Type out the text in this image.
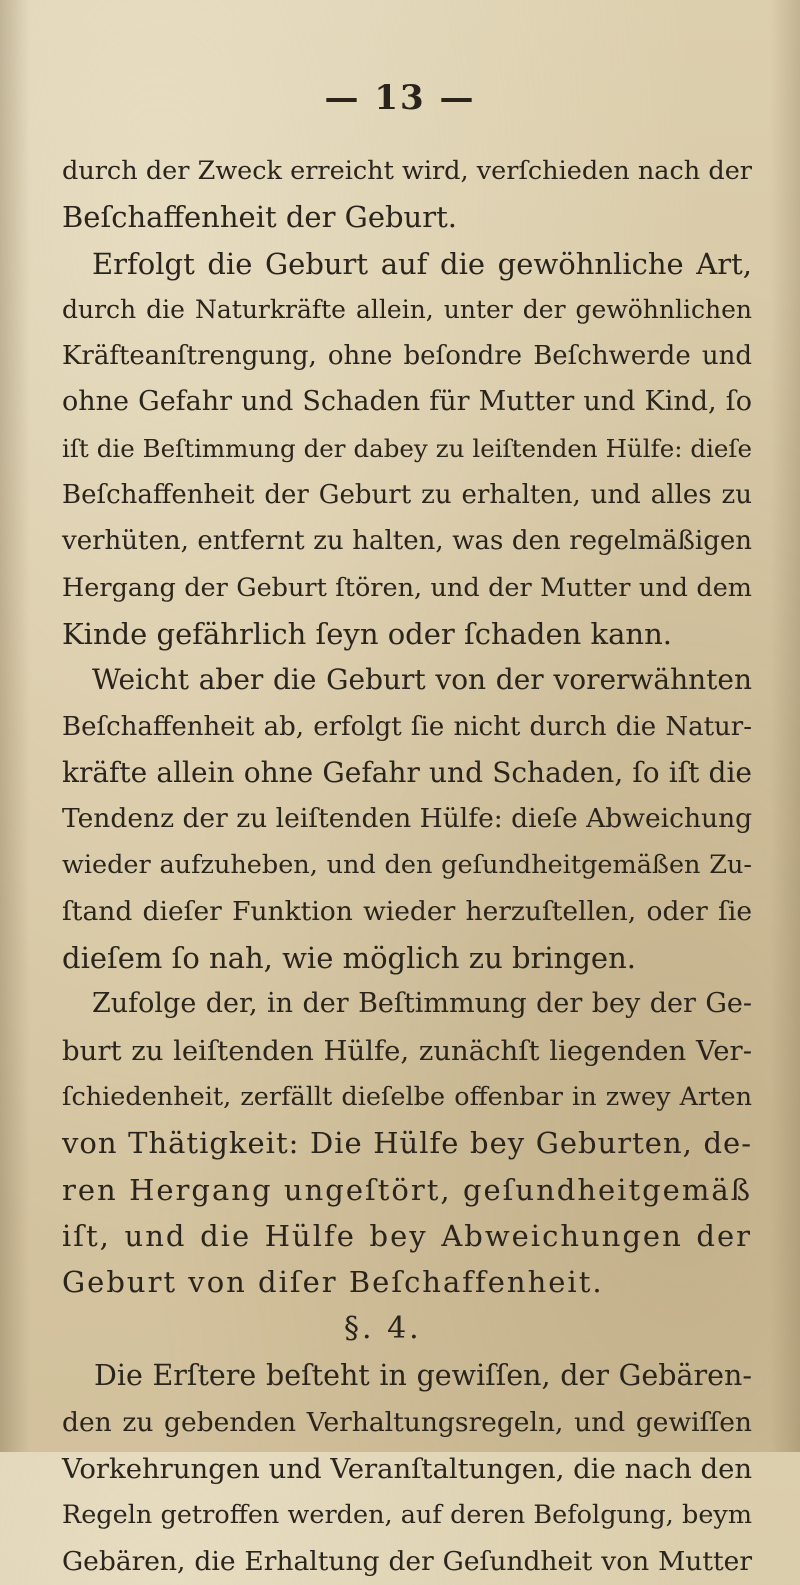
— 13 —
durch der Zweck erreicht wird, verſchieden nach der
Beſchaffenheit der Geburt.
Erfolgt die Geburt auf die gewöhnliche Art,
durch die Naturkräfte allein, unter der gewöhnlichen
Kräfteanſtrengung, ohne beſondre Beſchwerde und
ohne Gefahr und Schaden für Mutter und Kind, ſo
iſt die Beſtimmung der dabey zu leiſtenden Hülfe: dieſe
Beſchaffenheit der Geburt zu erhalten, und alles zu
verhüten, entfernt zu halten, was den regelmäßigen
Hergang der Geburt ſtören, und der Mutter und dem
Kinde gefährlich ſeyn oder ſchaden kann.
Weicht aber die Geburt von der vorerwähnten
Beſchaffenheit ab, erfolgt ſie nicht durch die Natur-
kräfte allein ohne Gefahr und Schaden, ſo iſt die
Tendenz der zu leiſtenden Hülfe: dieſe Abweichung
wieder aufzuheben, und den geſundheitgemäßen Zu-
ſtand dieſer Funktion wieder herzuſtellen, oder ſie
dieſem ſo nah, wie möglich zu bringen.
Zufolge der, in der Beſtimmung der bey der Ge-
burt zu leiſtenden Hülfe, zunächſt liegenden Ver-
ſchiedenheit, zerfällt dieſelbe offenbar in zwey Arten
von Thätigkeit: Die Hülfe bey Geburten, de-
ren Hergang ungeſtört, geſundheitgemäß
iſt, und die Hülfe bey Abweichungen der
Geburt von diſer Beſchaffenheit.
§. 4.
Die Erſtere beſteht in gewiſſen, der Gebären-
den zu gebenden Verhaltungsregeln, und gewiſſen
Vorkehrungen und Veranſtaltungen, die nach den
Regeln getroffen werden, auf deren Befolgung, beym
Gebären, die Erhaltung der Geſundheit von Mutter
